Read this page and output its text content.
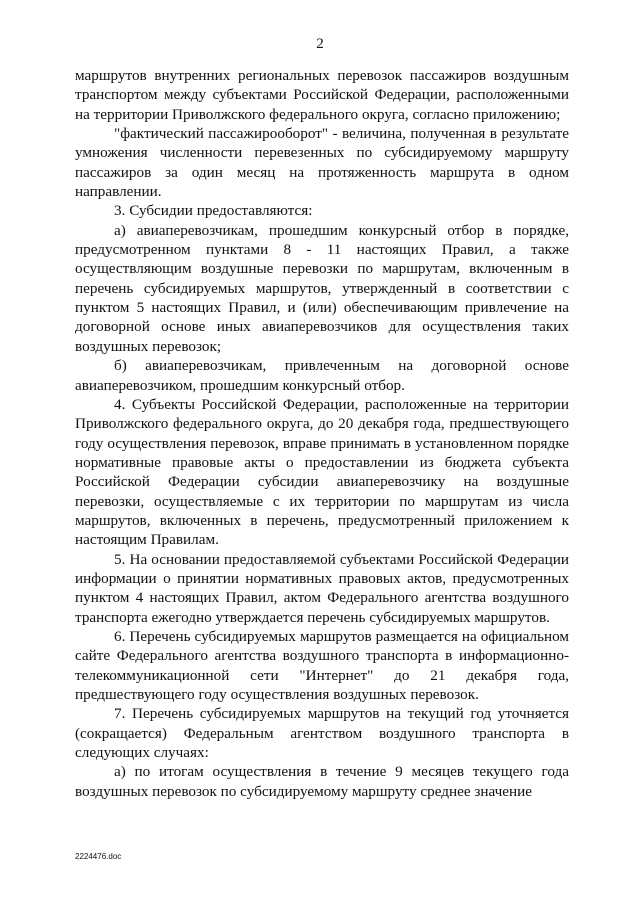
2

маршрутов внутренних региональных перевозок пассажиров воздушным транспортом между субъектами Российской Федерации, расположенными на территории Приволжского федерального округа, согласно приложению;

"фактический пассажирооборот" - величина, полученная в результате умножения численности перевезенных по субсидируемому маршруту пассажиров за один месяц на протяженность маршрута в одном направлении.

3. Субсидии предоставляются:

а) авиаперевозчикам, прошедшим конкурсный отбор в порядке, предусмотренном пунктами 8 - 11 настоящих Правил, а также осуществляющим воздушные перевозки по маршрутам, включенным в перечень субсидируемых маршрутов, утвержденный в соответствии с пунктом 5 настоящих Правил, и (или) обеспечивающим привлечение на договорной основе иных авиаперевозчиков для осуществления таких воздушных перевозок;

б) авиаперевозчикам, привлеченным на договорной основе авиаперевозчиком, прошедшим конкурсный отбор.

4. Субъекты Российской Федерации, расположенные на территории Приволжского федерального округа, до 20 декабря года, предшествующего году осуществления перевозок, вправе принимать в установленном порядке нормативные правовые акты о предоставлении из бюджета субъекта Российской Федерации субсидии авиаперевозчику на воздушные перевозки, осуществляемые с их территории по маршрутам из числа маршрутов, включенных в перечень, предусмотренный приложением к настоящим Правилам.

5. На основании предоставляемой субъектами Российской Федерации информации о принятии нормативных правовых актов, предусмотренных пунктом 4 настоящих Правил, актом Федерального агентства воздушного транспорта ежегодно утверждается перечень субсидируемых маршрутов.

6. Перечень субсидируемых маршрутов размещается на официальном сайте Федерального агентства воздушного транспорта в информационно-телекоммуникационной сети "Интернет" до 21 декабря года, предшествующего году осуществления воздушных перевозок.

7. Перечень субсидируемых маршрутов на текущий год уточняется (сокращается) Федеральным агентством воздушного транспорта в следующих случаях:

а) по итогам осуществления в течение 9 месяцев текущего года воздушных перевозок по субсидируемому маршруту среднее значение

2224476.doc
